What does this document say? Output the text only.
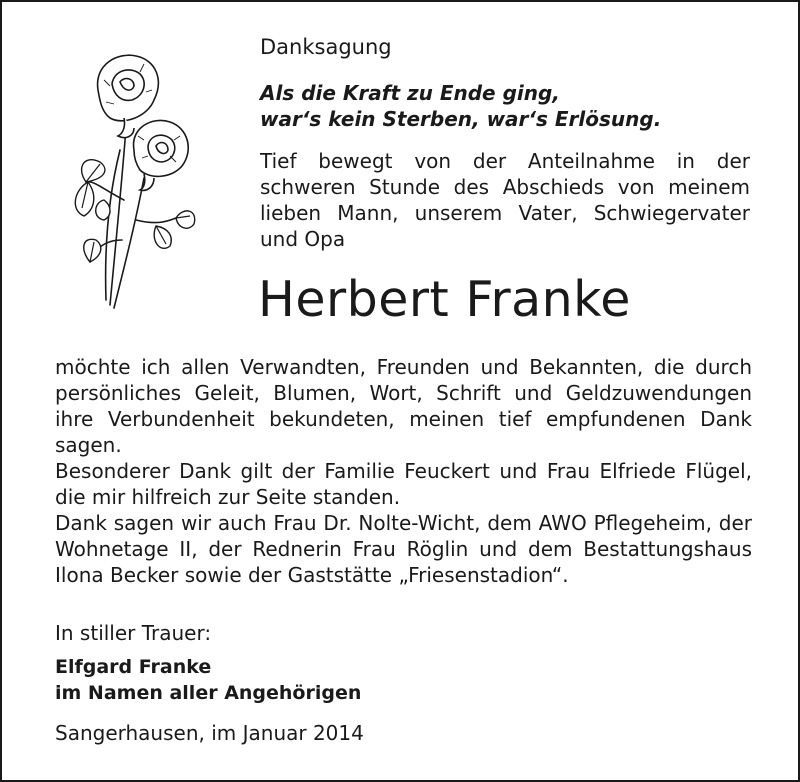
Danksagung
Als die Kraft zu Ende ging,
war‘s kein Sterben, war‘s Erlösung.
Tief bewegt von der Anteilnahme in der schweren Stunde des Abschieds von meinem lieben Mann, unserem Vater, Schwiegervater und Opa
Herbert Franke

möchte ich allen Verwandten, Freunden und Bekannten, die durch persönliches Geleit, Blumen, Wort, Schrift und Geldzuwendungen ihre Verbundenheit bekundeten, meinen tief empfundenen Dank sagen.

Besonderer Dank gilt der Familie Feuckert und Frau Elfriede Flügel, die mir hilfreich zur Seite standen.

Dank sagen wir auch Frau Dr. Nolte-Wicht, dem AWO Pflegeheim, der Wohnetage II, der Rednerin Frau Röglin und dem Bestattungshaus Ilona Becker sowie der Gaststätte „Friesenstadion“.

In stiller Trauer:
Elfgard Franke
im Namen aller Angehörigen
Sangerhausen, im Januar 2014
